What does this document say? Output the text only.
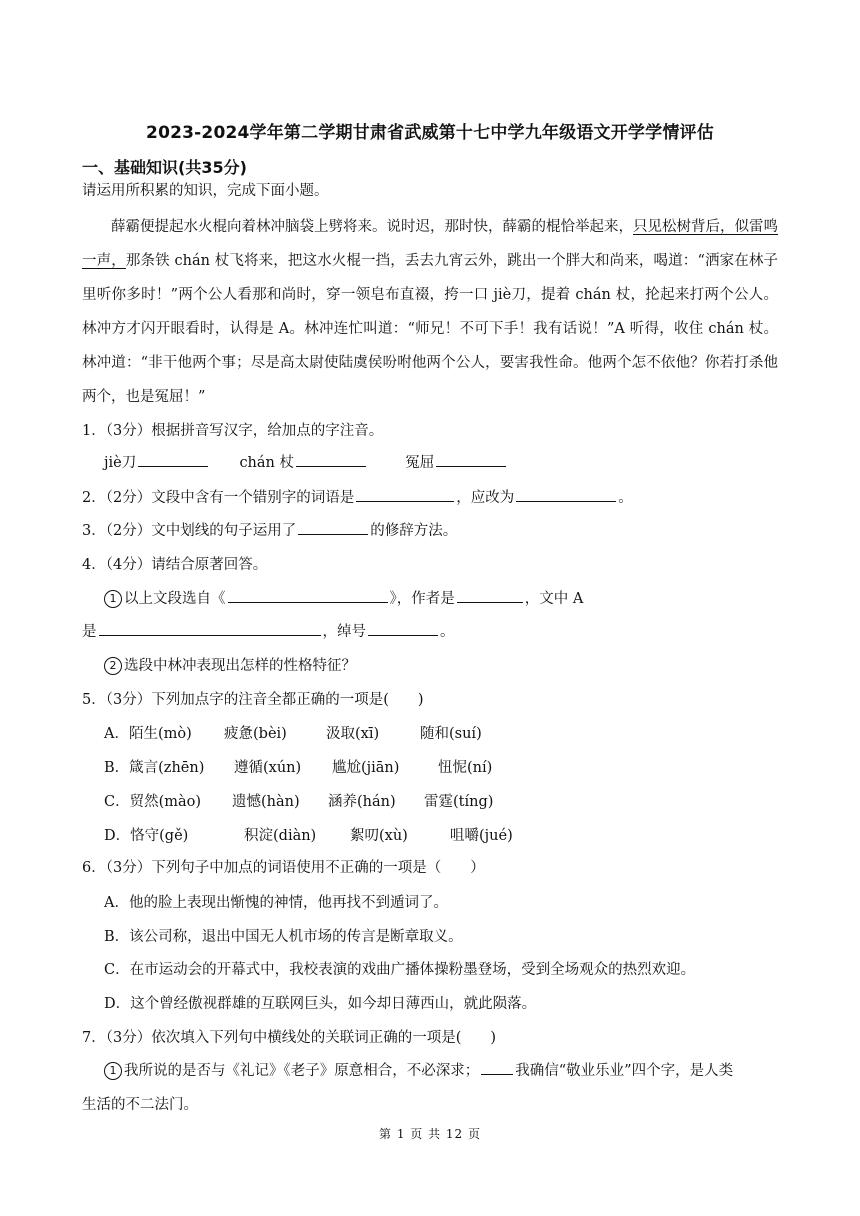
2023-2024学年第二学期甘肃省武威第十七中学九年级语文开学学情评估
一、基础知识(共35分)
请运用所积累的知识，完成下面小题。

薛霸便提起水火棍向着林冲脑袋上劈将来。说时迟，那时快，薛霸的棍恰举起来，只见松树背后，似雷鸣一声，那条铁 chán 杖飞将来，把这水火棍一挡，丢去九宵云外，跳出一个胖大和尚来，喝道：“洒家在林子里听你多时！”两个公人看那和尚时，穿一领皂布直裰，挎一口 jiè刀，提着 chán 杖，抡起来打两个公人。林冲方才闪开眼看时，认得是 A。林冲连忙叫道：“师兄！不可下手！我有话说！”A 听得，收住 chán 杖。林冲道：“非干他两个事；尽是高太尉使陆虞侯吩咐他两个公人，要害我性命。他两个怎不依他？你若打杀他两个，也是冤屈！”

1．（3分）根据拼音写汉字，给加点的字注音。
jiè刀	chán 杖	冤屈
2．（2分）文段中含有一个错别字的词语是	，应改为	。
3．（2分）文中划线的句子运用了	的修辞方法。
4．（4分）请结合原著回答。
1 以上文段选自《	》，作者是	，文中 A
是	，绰号	。
2 选段中林冲表现出怎样的性格特征？
5．（3分）下列加点字的注音全都正确的一项是(　　)
A．陌生(mò) 疲惫(bèi)	汲取(xī)	随和(suí)
B．箴言(zhēn) 遵循(xún) 尴尬(jiān)	忸怩(ní)
C．贸然(mào) 遗憾(hàn) 涵养(hán) 雷霆(tíng)
D．恪守(gě)	积淀(diàn) 絮叨(xù)	咀嚼(jué)
6．（3分）下列句子中加点的词语使用不正确的一项是（　　）
A．他的脸上表现出惭愧的神情，他再找不到遁词了。
B．该公司称，退出中国无人机市场的传言是断章取义。
C．在市运动会的开幕式中，我校表演的戏曲广播体操粉墨登场，受到全场观众的热烈欢迎。
D．这个曾经傲视群雄的互联网巨头，如今却日薄西山，就此陨落。
7．（3分）依次填入下列句中横线处的关联词正确的一项是(　　)
1 我所说的是否与《礼记》《老子》原意相合，不必深求； 我确信“敬业乐业”四个字，是人类
生活的不二法门。
第 1 页 共 12 页
